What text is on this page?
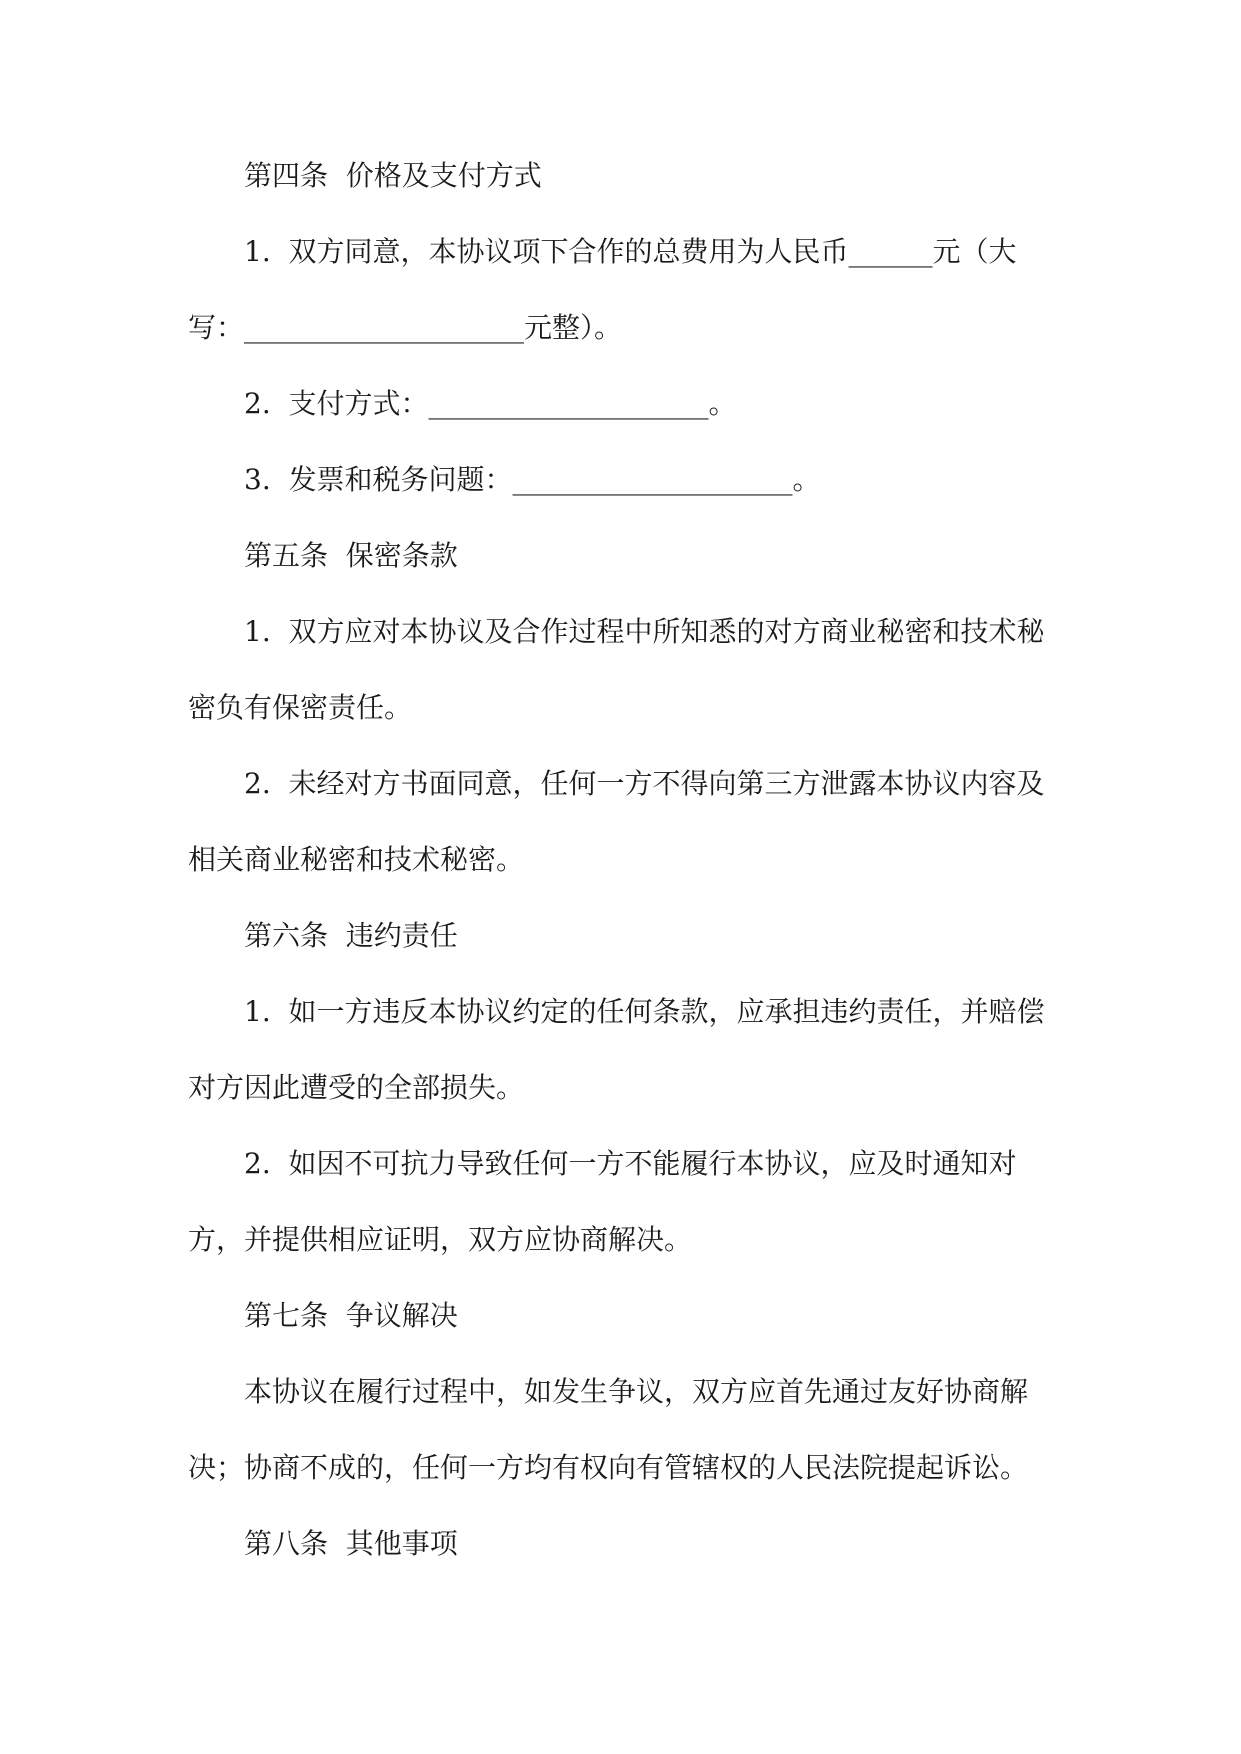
第四条  价格及支付方式

1.  双方同意，本协议项下合作的总费用为人民币______元（大写：____________________元整）。

2.  支付方式：____________________。

3.  发票和税务问题：____________________。

第五条  保密条款

1.  双方应对本协议及合作过程中所知悉的对方商业秘密和技术秘密负有保密责任。

2.  未经对方书面同意，任何一方不得向第三方泄露本协议内容及相关商业秘密和技术秘密。

第六条  违约责任

1.  如一方违反本协议约定的任何条款，应承担违约责任，并赔偿对方因此遭受的全部损失。

2.  如因不可抗力导致任何一方不能履行本协议，应及时通知对方，并提供相应证明，双方应协商解决。

第七条  争议解决

本协议在履行过程中，如发生争议，双方应首先通过友好协商解决；协商不成的，任何一方均有权向有管辖权的人民法院提起诉讼。

第八条  其他事项
